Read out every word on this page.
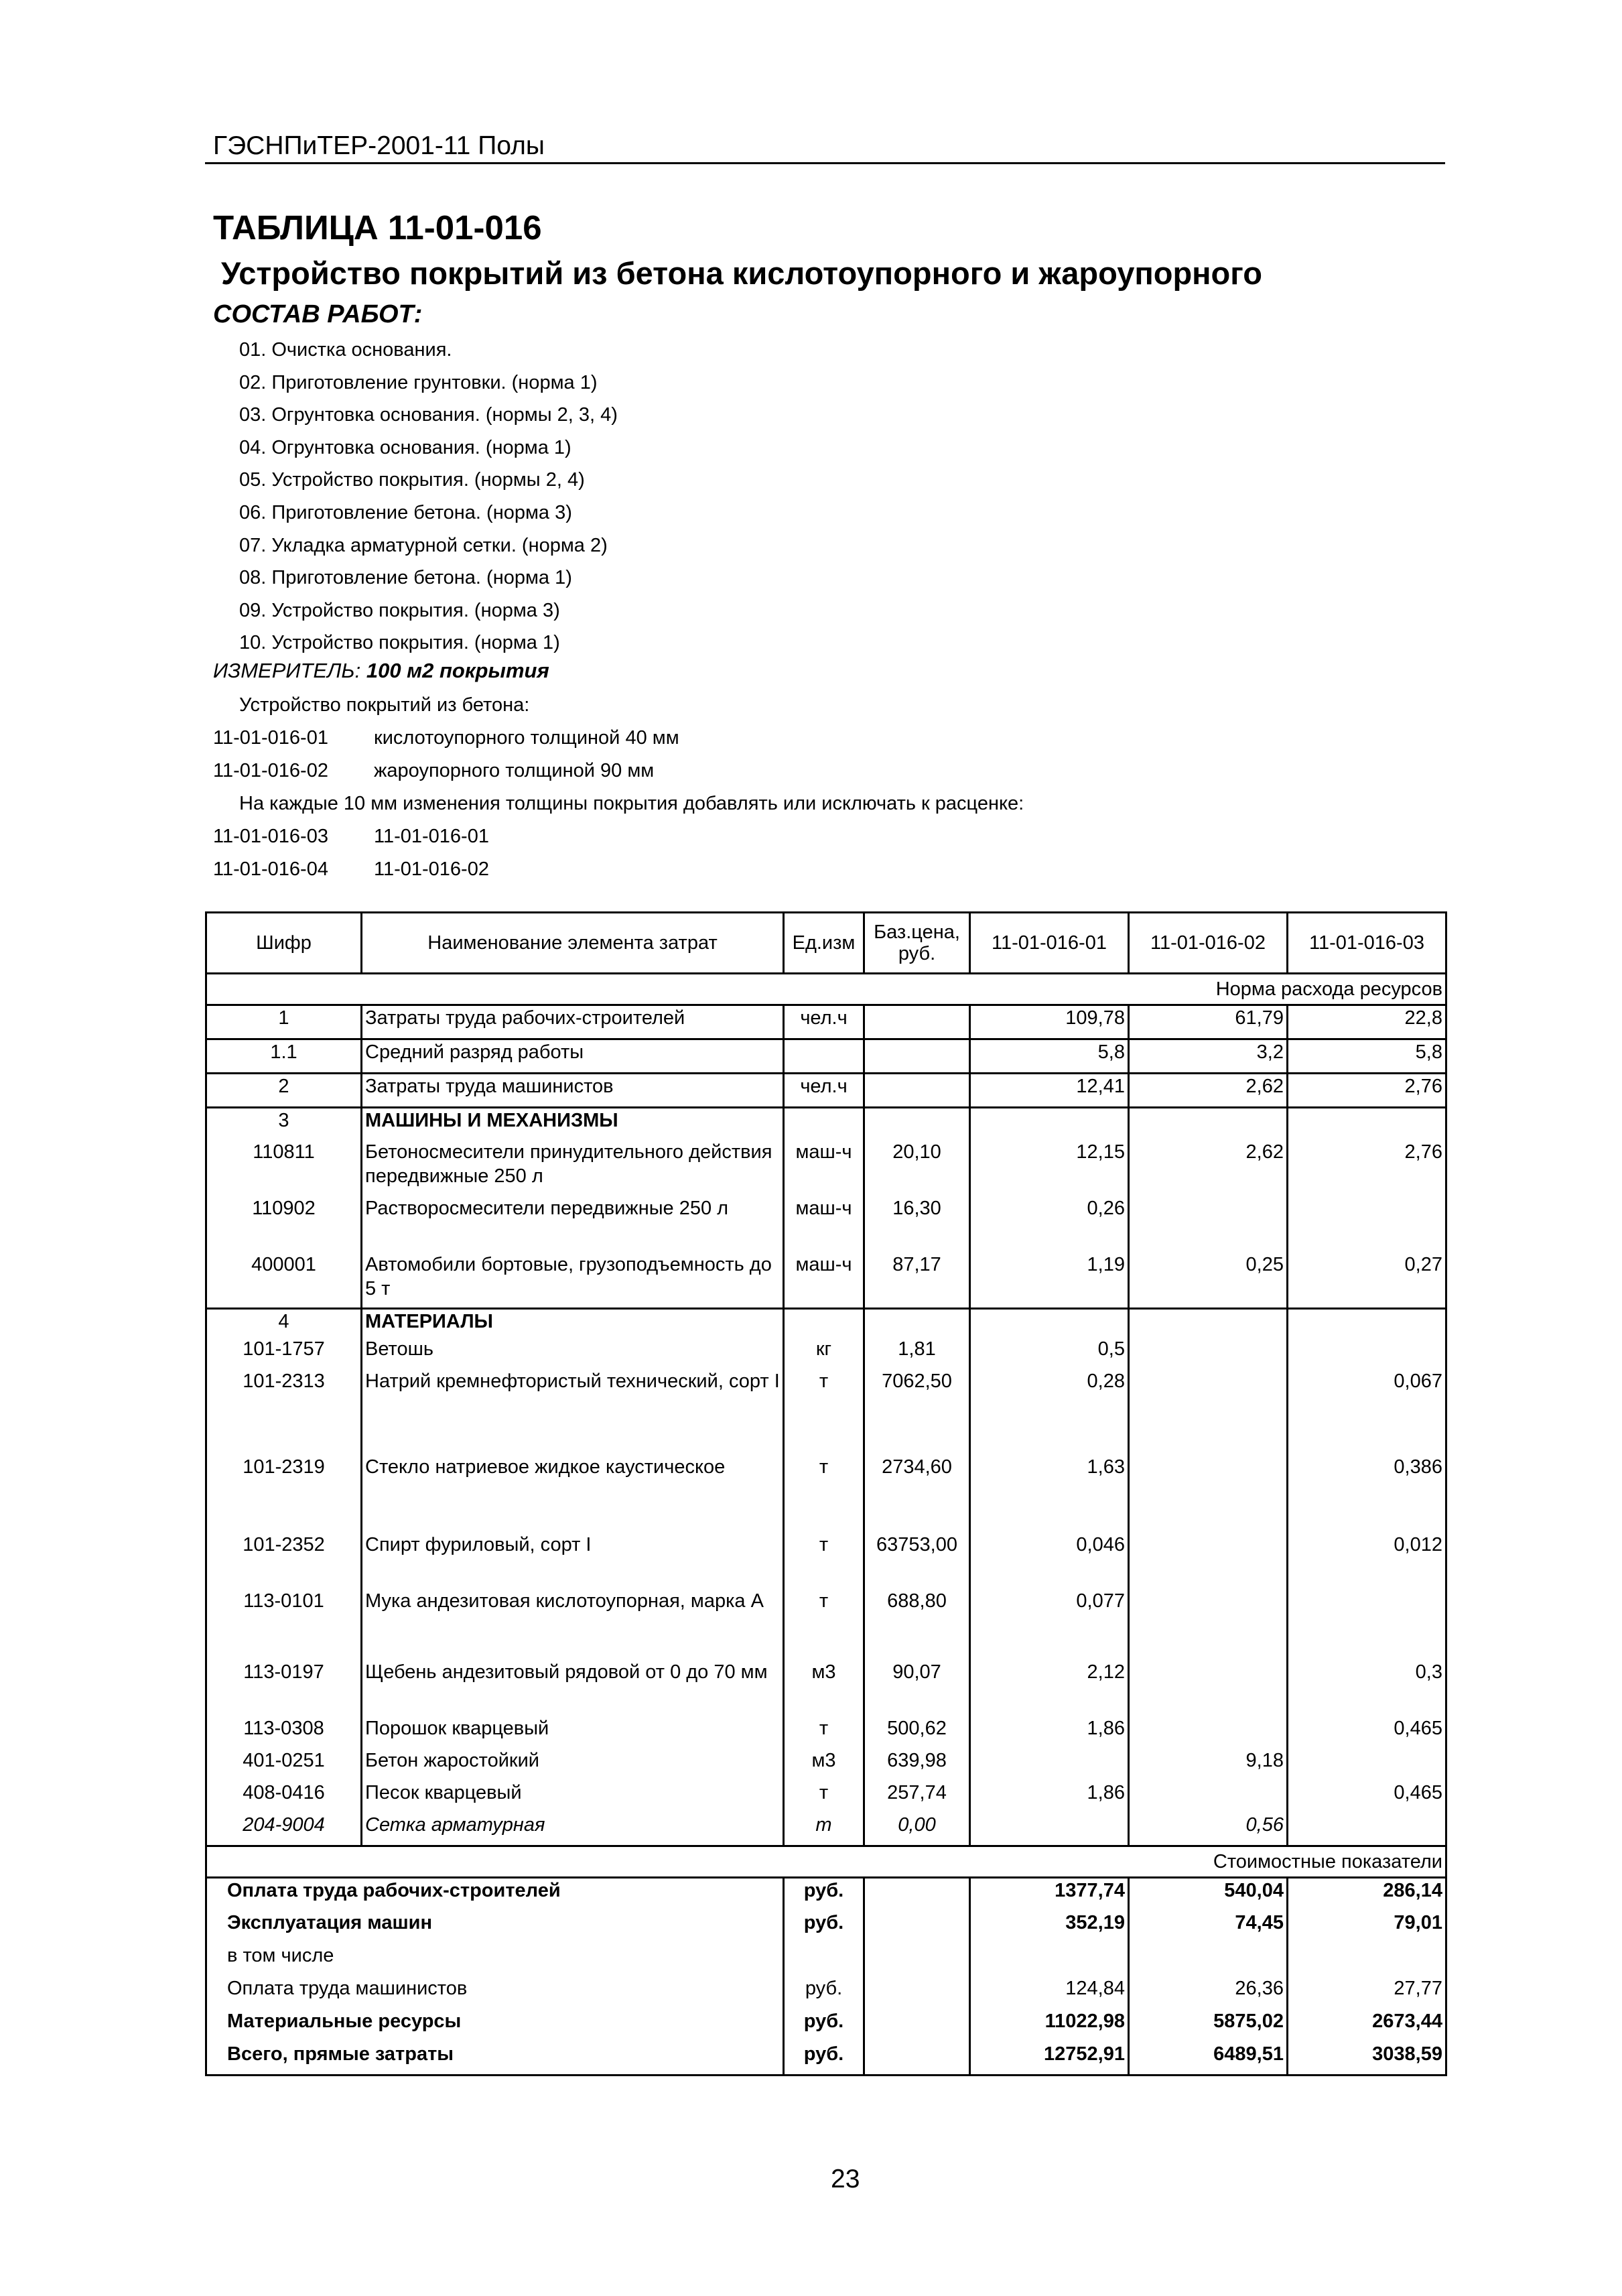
ГЭСНПиТЕР-2001-11 Полы
ТАБЛИЦА 11-01-016
Устройство покрытий из бетона кислотоупорного и жароупорного
СОСТАВ РАБОТ:
01. Очистка основания.
02. Приготовление грунтовки. (норма 1)
03. Огрунтовка основания. (нормы 2, 3, 4)
04. Огрунтовка основания. (норма 1)
05. Устройство покрытия. (нормы 2, 4)
06. Приготовление бетона. (норма 3)
07. Укладка арматурной сетки. (норма 2)
08. Приготовление бетона. (норма 1)
09. Устройство покрытия. (норма 3)
10. Устройство покрытия. (норма 1)
ИЗМЕРИТЕЛЬ: 100 м2 покрытия
Устройство покрытий из бетона:
11-01-016-01 кислотоупорного толщиной 40 мм
11-01-016-02 жароупорного толщиной 90 мм
На каждые 10 мм изменения толщины покрытия добавлять или исключать к расценке:
11-01-016-03 11-01-016-01
11-01-016-04 11-01-016-02
Шифр	Наименование элемента затрат	Ед.изм	Баз.цена, руб.	11-01-016-01	11-01-016-02	11-01-016-03
Норма расхода ресурсов						
1	Затраты труда рабочих-строителей	чел.ч		109,78	61,79	22,8
1.1	Средний разряд работы			5,8	3,2	5,8
2	Затраты труда машинистов	чел.ч		12,41	2,62	2,76
3	МАШИНЫ И МЕХАНИЗМЫ					
110811	Бетоносмесители принудительного действия передвижные 250 л	маш-ч	20,10	12,15	2,62	2,76
110902	Растворосмесители передвижные 250 л	маш-ч	16,30	0,26		
400001	Автомобили бортовые, грузоподъемность до 5 т	маш-ч	87,17	1,19	0,25	0,27
4	МАТЕРИАЛЫ					
101-1757	Ветошь	кг	1,81	0,5		
101-2313	Натрий кремнефтористый технический, сорт I	т	7062,50	0,28		0,067
101-2319	Стекло натриевое жидкое каустическое	т	2734,60	1,63		0,386
101-2352	Спирт фуриловый, сорт I	т	63753,00	0,046		0,012
113-0101	Мука андезитовая кислотоупорная, марка А	т	688,80	0,077		
113-0197	Щебень андезитовый рядовой от 0 до 70 мм	м3	90,07	2,12		0,3
113-0308	Порошок кварцевый	т	500,62	1,86		0,465
401-0251	Бетон жаростойкий	м3	639,98		9,18	
408-0416	Песок кварцевый	т	257,74	1,86		0,465
204-9004	Сетка арматурная	т	0,00		0,56	
Стоимостные показатели						
Оплата труда рабочих-строителей		руб.		1377,74	540,04	286,14
Эксплуатация машин		руб.		352,19	74,45	79,01
в том числе						
Оплата труда машинистов		руб.		124,84	26,36	27,77
Материальные ресурсы		руб.		11022,98	5875,02	2673,44
Всего, прямые затраты		руб.		12752,91	6489,51	3038,59
23
